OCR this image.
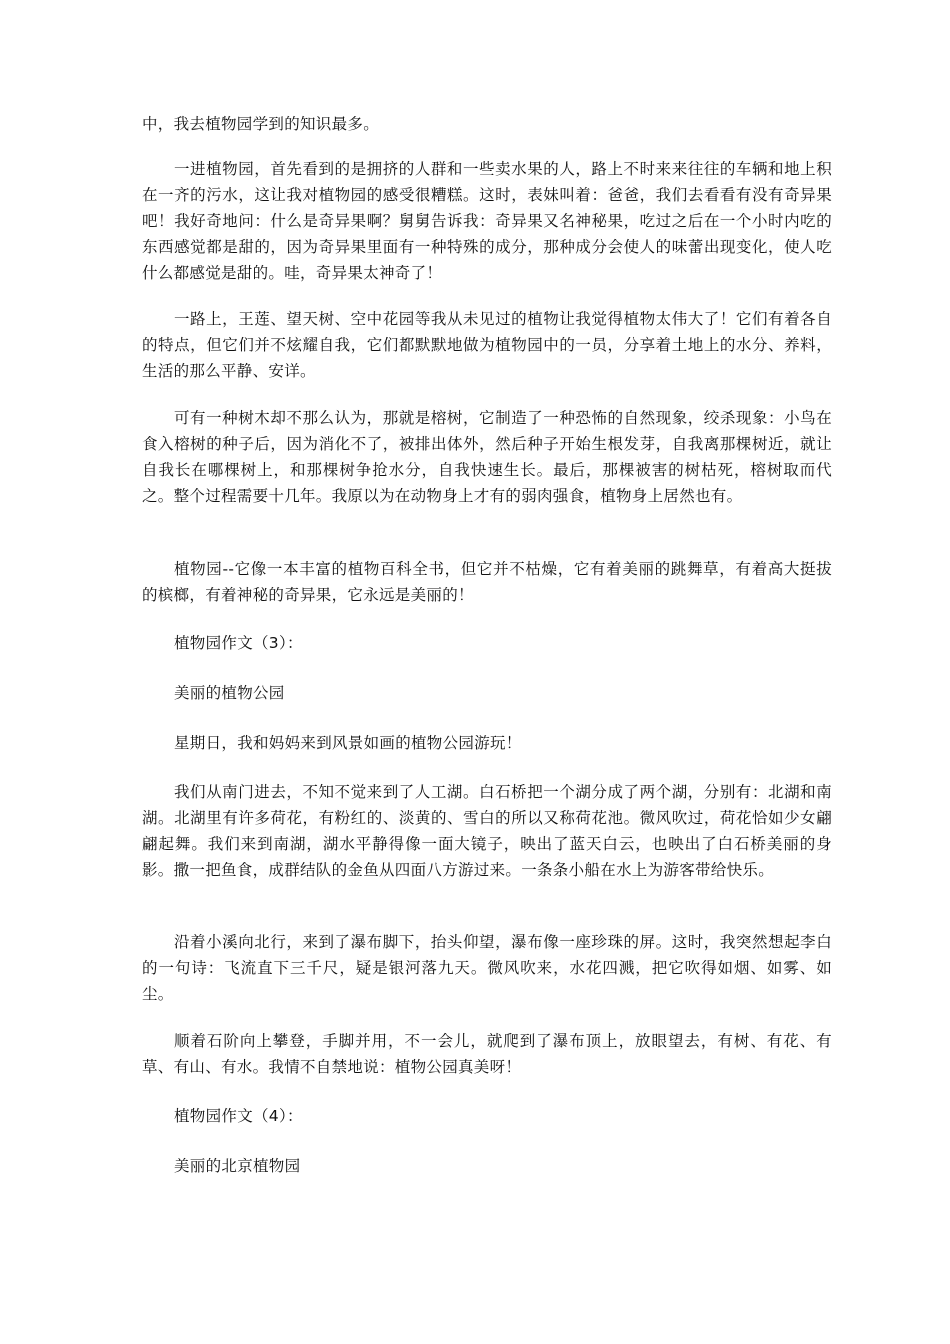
中，我去植物园学到的知识最多。

一进植物园，首先看到的是拥挤的人群和一些卖水果的人，路上不时来来往往的车辆和地上积在一齐的污水，这让我对植物园的感受很糟糕。这时，表妹叫着：爸爸，我们去看看有没有奇异果吧！我好奇地问：什么是奇异果啊？舅舅告诉我：奇异果又名神秘果，吃过之后在一个小时内吃的东西感觉都是甜的，因为奇异果里面有一种特殊的成分，那种成分会使人的味蕾出现变化，使人吃什么都感觉是甜的。哇，奇异果太神奇了！

一路上，王莲、望天树、空中花园等我从未见过的植物让我觉得植物太伟大了！它们有着各自的特点，但它们并不炫耀自我，它们都默默地做为植物园中的一员，分享着土地上的水分、养料，生活的那么平静、安详。

可有一种树木却不那么认为，那就是榕树，它制造了一种恐怖的自然现象，绞杀现象：小鸟在食入榕树的种子后，因为消化不了，被排出体外，然后种子开始生根发芽，自我离那棵树近，就让自我长在哪棵树上，和那棵树争抢水分，自我快速生长。最后，那棵被害的树枯死，榕树取而代之。整个过程需要十几年。我原以为在动物身上才有的弱肉强食，植物身上居然也有。

植物园--它像一本丰富的植物百科全书，但它并不枯燥，它有着美丽的跳舞草，有着高大挺拔的槟榔，有着神秘的奇异果，它永远是美丽的！

植物园作文（3）：

美丽的植物公园

星期日，我和妈妈来到风景如画的植物公园游玩！

我们从南门进去，不知不觉来到了人工湖。白石桥把一个湖分成了两个湖，分别有：北湖和南湖。北湖里有许多荷花，有粉红的、淡黄的、雪白的所以又称荷花池。微风吹过，荷花恰如少女翩翩起舞。我们来到南湖，湖水平静得像一面大镜子，映出了蓝天白云，也映出了白石桥美丽的身影。撒一把鱼食，成群结队的金鱼从四面八方游过来。一条条小船在水上为游客带给快乐。

沿着小溪向北行，来到了瀑布脚下，抬头仰望，瀑布像一座珍珠的屏。这时，我突然想起李白的一句诗：飞流直下三千尺，疑是银河落九天。微风吹来，水花四溅，把它吹得如烟、如雾、如尘。

顺着石阶向上攀登，手脚并用，不一会儿，就爬到了瀑布顶上，放眼望去，有树、有花、有草、有山、有水。我情不自禁地说：植物公园真美呀！

植物园作文（4）：

美丽的北京植物园
